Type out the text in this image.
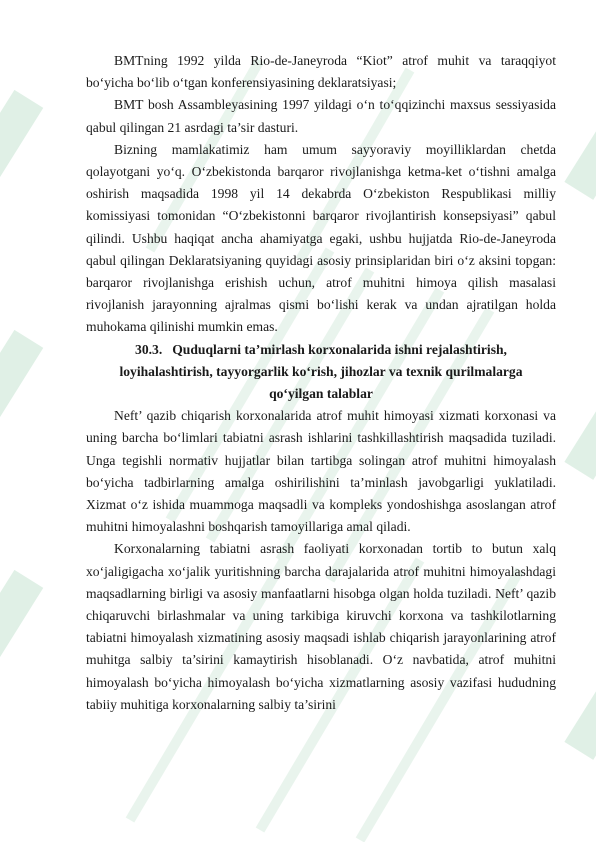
BMTning 1992 yilda Rio-de-Janeyroda “Kiot” atrof muhit va taraqqiyot bo‘yicha bo‘lib o‘tgan konferensiyasining deklaratsiyasi;

BMT bosh Assambleyasining 1997 yildagi o‘n to‘qqizinchi maxsus sessiyasida qabul qilingan 21 asrdagi ta’sir dasturi.

Bizning mamlakatimiz ham umum sayyoraviy moyilliklardan chetda qolayotgani yo‘q. O‘zbekistonda barqaror rivojlanishga ketma-ket o‘tishni amalga oshirish maqsadida 1998 yil 14 dekabrda O‘zbekiston Respublikasi milliy komissiyasi tomonidan “O‘zbekistonni barqaror rivojlantirish konsepsiyasi” qabul qilindi. Ushbu haqiqat ancha ahamiyatga egaki, ushbu hujjatda Rio-de-Janeyroda qabul qilingan Deklaratsiyaning quyidagi asosiy prinsiplaridan biri o‘z aksini topgan: barqaror rivojlanishga erishish uchun, atrof muhitni himoya qilish masalasi rivojlanish jarayonning ajralmas qismi bo‘lishi kerak va undan ajratilgan holda muhokama qilinishi mumkin emas.

30.3. Quduqlarni ta’mirlash korxonalarida ishni rejalashtirish,
loyihalashtirish, tayyorgarlik ko‘rish, jihozlar va texnik qurilmalarga
qo‘yilgan talablar

Neft’ qazib chiqarish korxonalarida atrof muhit himoyasi xizmati korxonasi va uning barcha bo‘limlari tabiatni asrash ishlarini tashkillashtirish maqsadida tuziladi. Unga tegishli normativ hujjatlar bilan tartibga solingan atrof muhitni himoyalash bo‘yicha tadbirlarning amalga oshirilishini ta’minlash javobgarligi yuklatiladi. Xizmat o‘z ishida muammoga maqsadli va kompleks yondoshishga asoslangan atrof muhitni himoyalashni boshqarish tamoyillariga amal qiladi.

Korxonalarning tabiatni asrash faoliyati korxonadan tortib to butun xalq xo‘jaligigacha xo‘jalik yuritishning barcha darajalarida atrof muhitni himoyalashdagi maqsadlarning birligi va asosiy manfaatlarni hisobga olgan holda tuziladi. Neft’ qazib chiqaruvchi birlashmalar va uning tarkibiga kiruvchi korxona va tashkilotlarning tabiatni himoyalash xizmatining asosiy maqsadi ishlab chiqarish jarayonlarining atrof muhitga salbiy ta’sirini kamaytirish hisoblanadi. O‘z navbatida, atrof muhitni himoyalash bo‘yicha himoyalash bo‘yicha xizmatlarning asosiy vazifasi hududning tabiiy muhitiga korxonalarning salbiy ta’sirini
